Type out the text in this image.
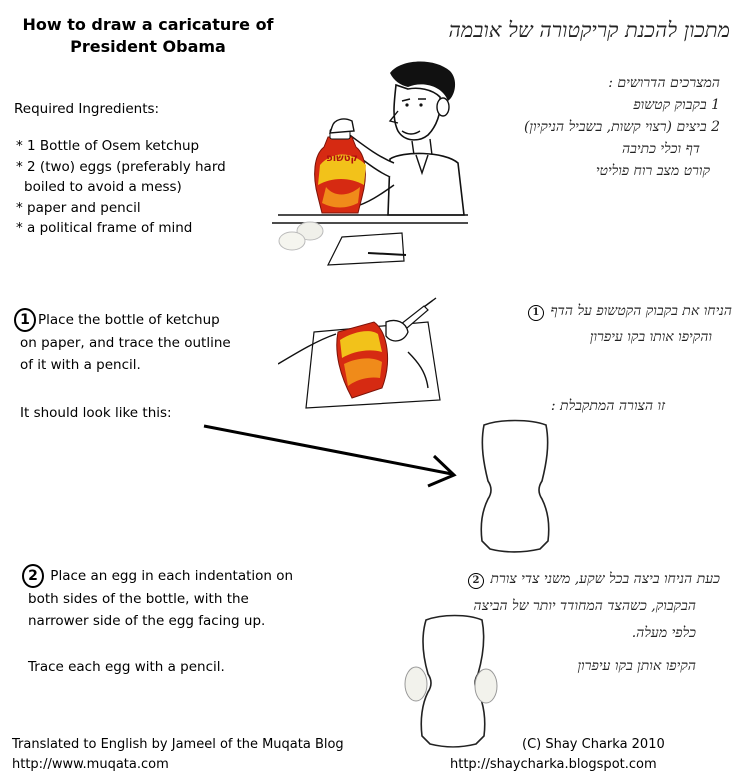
How to draw a caricature of
President Obama
מתכון להכנת קריקטורה של אובמה
Required Ingredients:
* 1 Bottle of Osem ketchup
* 2 (two) eggs (preferably hard
boiled to avoid a mess)
* paper and pencil
* a political frame of mind
המצרכים הדרושים :
1 בקבוק קטשופ
2 ביצים (רצוי קשות, בשביל הניקיון)
דף וכלי כתיבה
קורט מצב רוח פוליטי
קטשופ
1 Place the bottle of ketchup
on paper, and trace the outline
of it with a pencil.
It should look like this:
הניחו את בקבוק הקטשופ על הדף 1
והקיפו אותו בקו עיפרון
זו הצורה המתקבלת :
2 Place an egg in each indentation on
both sides of the bottle, with the
narrower side of the egg facing up.
Trace each egg with a pencil.
כעת הניחו ביצה בכל שקע, משני צדי צורת 2
הבקבוק, כשהצד המחודד יותר של הביצה
כלפי מעלה.
הקיפו אותן בקו עיפרון
Translated to English by Jameel of the Muqata Blog
http://www.muqata.com
(C) Shay Charka 2010
http://shaycharka.blogspot.com
